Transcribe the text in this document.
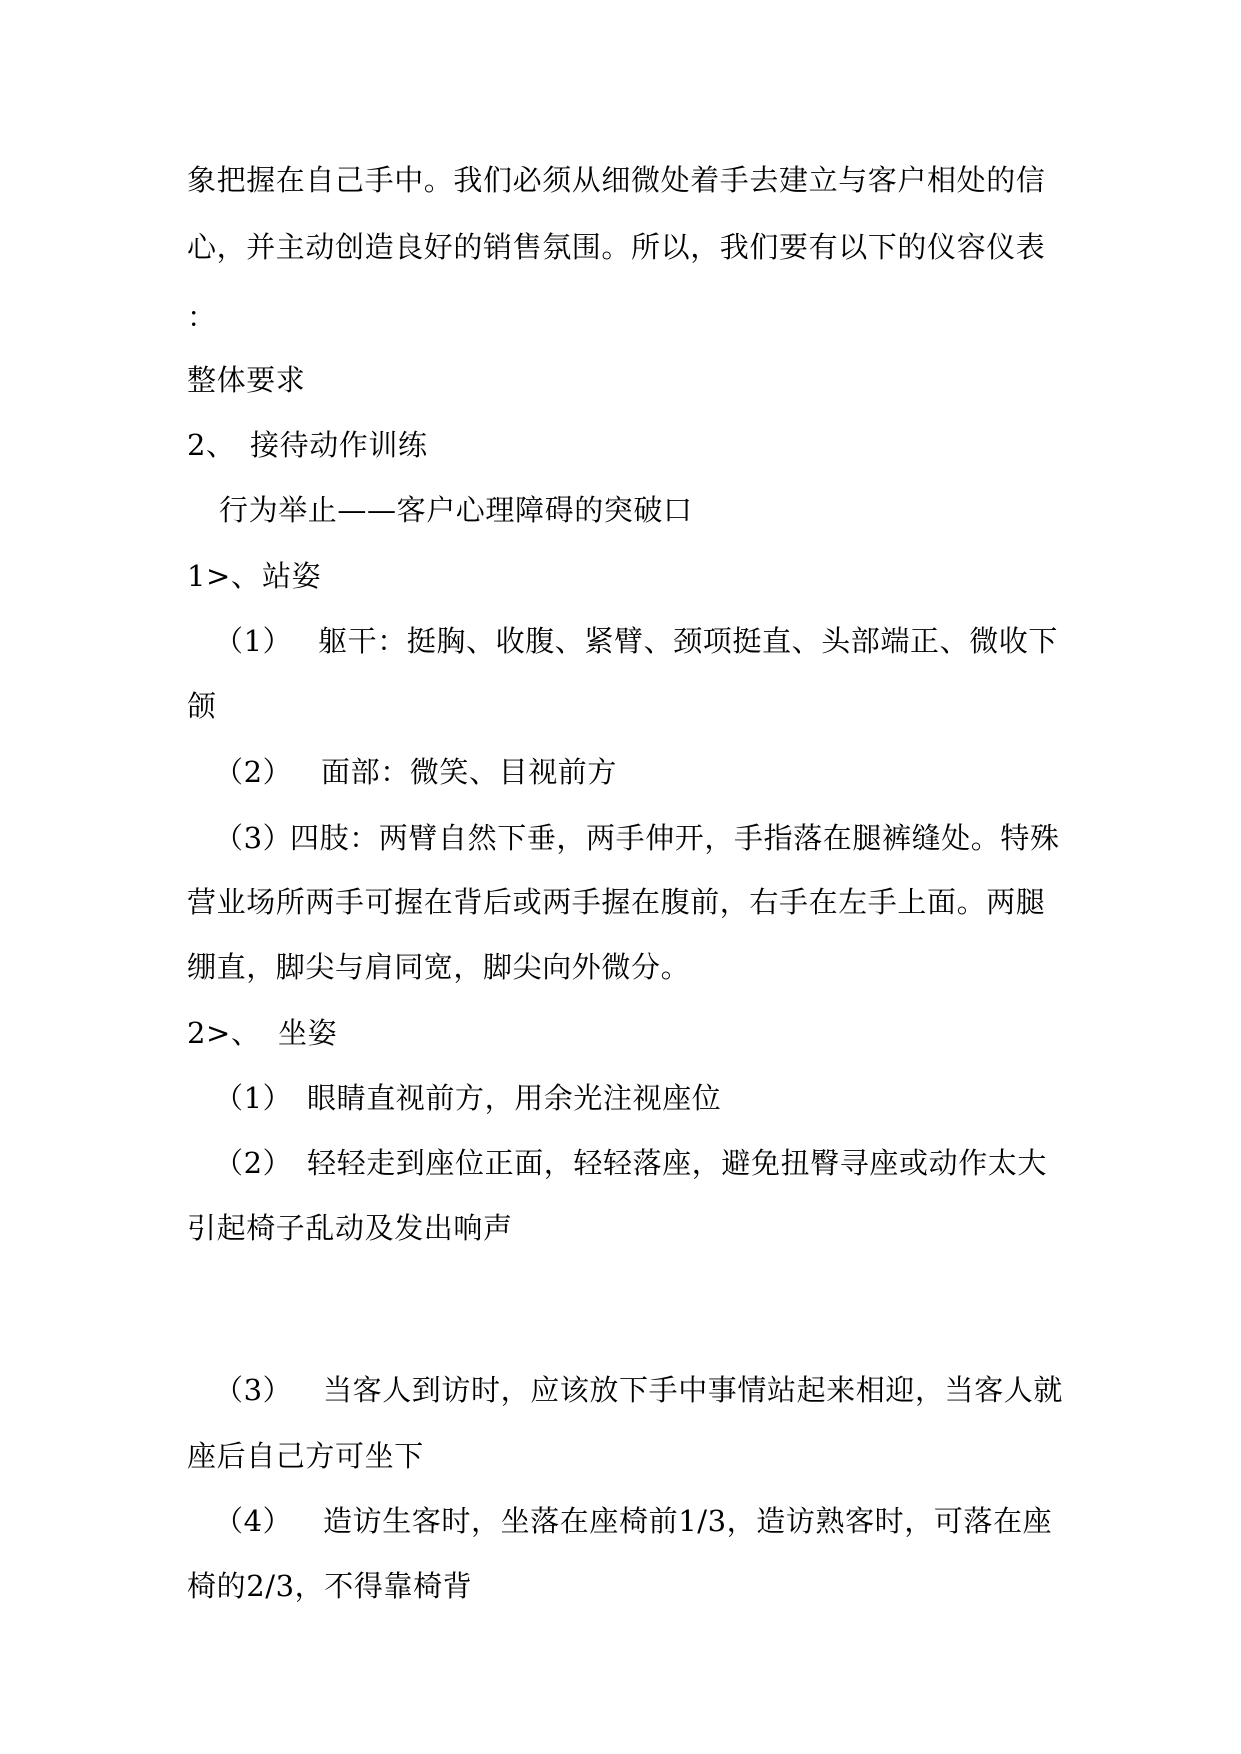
象把握在自己手中。我们必须从细微处着手去建立与客户相处的信
心，并主动创造良好的销售氛围。所以，我们要有以下的仪容仪表
：
整体要求
2、 接待动作训练
行为举止——客户心理障碍的突破口
1>、 站姿
（1） 躯干：挺胸、收腹、紧臂、颈项挺直、头部端正、微收下
颌
（2） 面部：微笑、目视前方
（3）
四肢：两臂自然下垂，两手伸开，手指落在腿裤缝处。特殊
营业场所两手可握在背后或两手握在腹前，右手在左手上面。两腿
绷直，脚尖与肩同宽，脚尖向外微分。
2>、 坐姿
（1） 眼睛直视前方，用余光注视座位
（2） 轻轻走到座位正面，轻轻落座，避免扭臀寻座或动作太大
引起椅子乱动及发出响声
（3） 当客人到访时，应该放下手中事情站起来相迎，当客人就
座后自己方可坐下
（4） 造访生客时，坐落在座椅前1/3，造访熟客时，可落在座
椅的2/3，不得靠椅背
